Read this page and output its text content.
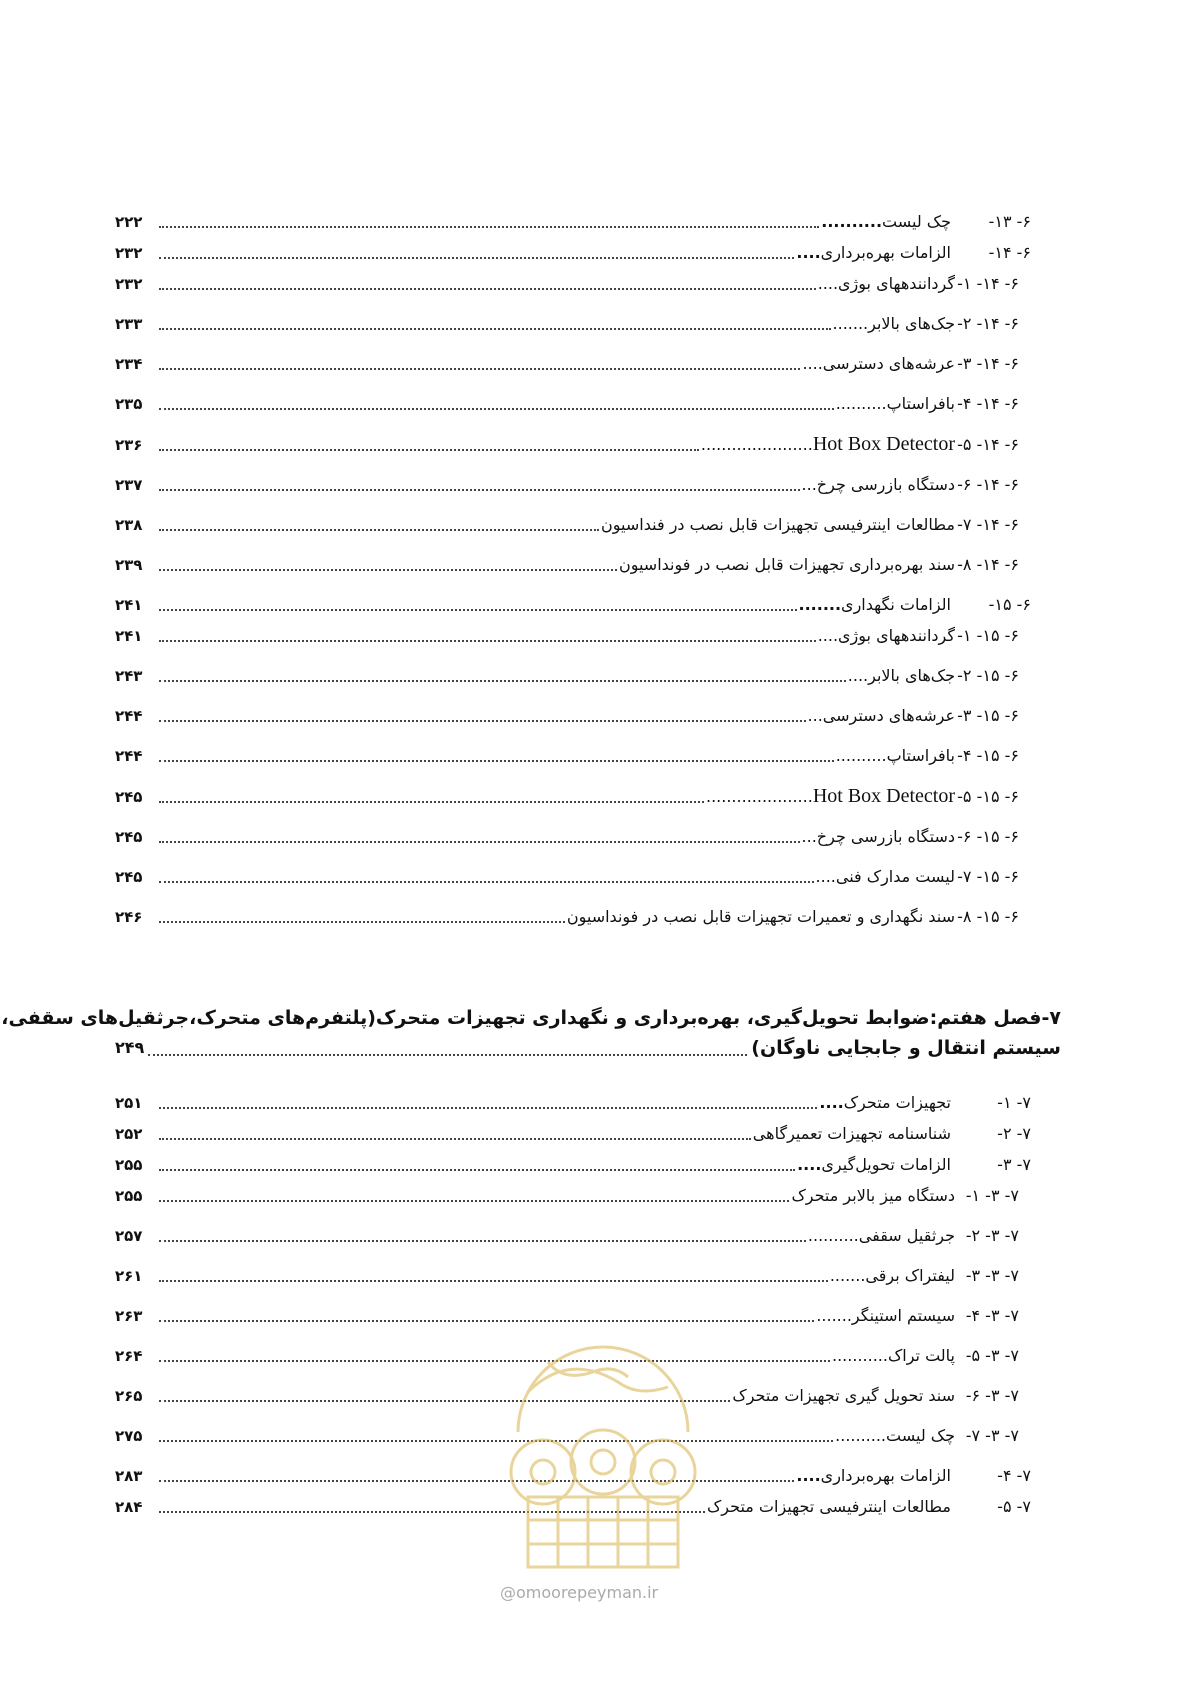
۶- ۱۳-چک لیست..........
۲۲۲
۶- ۱۴-الزامات بهره‌برداری....
۲۳۲
۶- ۱۴- ۱-گردانندههای بوژی....
۲۳۲
۶- ۱۴- ۲-جک‌های بالابر.......
۲۳۳
۶- ۱۴- ۳-عرشه‌های دسترسی....
۲۳۴
۶- ۱۴- ۴-بافراستاپ..........
۲۳۵
۶- ۱۴- ۵-Hot Box Detector......................
۲۳۶
۶- ۱۴- ۶-دستگاه بازرسی چرخ...
۲۳۷
۶- ۱۴- ۷-مطالعات اینترفیسی تجهیزات قابل نصب در فنداسیون
۲۳۸
۶- ۱۴- ۸-سند بهره‌برداری تجهیزات قابل نصب در فونداسیون
۲۳۹
۶- ۱۵-الزامات نگهداری.......
۲۴۱
۶- ۱۵- ۱-گردانندههای بوژی....
۲۴۱
۶- ۱۵- ۲-جک‌های بالابر....
۲۴۳
۶- ۱۵- ۳-عرشه‌های دسترسی...
۲۴۴
۶- ۱۵- ۴-بافراستاپ..........
۲۴۴
۶- ۱۵- ۵-Hot Box Detector.....................
۲۴۵
۶- ۱۵- ۶-دستگاه بازرسی چرخ...
۲۴۵
۶- ۱۵- ۷-لیست مدارک فنی....
۲۴۵
۶- ۱۵- ۸-سند نگهداری و تعمیرات تجهیزات قابل نصب در فونداسیون
۲۴۶
۷-فصل هفتم:ضوابط تحویل‌گیری، بهره‌برداری و نگهداری تجهیزات متحرک(پلتفرم‌های متحرک،جرثقیل‌های سقفی،
سیستم انتقال و جابجایی ناوگان)
۲۴۹
۷- ۱-تجهیزات متحرک....
۲۵۱
۷- ۲-شناسنامه تجهیزات تعمیرگاهی
۲۵۲
۷- ۳-الزامات تحویل‌گیری....
۲۵۵
۷- ۳- ۱-دستگاه میز بالابر متحرک
۲۵۵
۷- ۳- ۲-جرثقیل سقفی..........
۲۵۷
۷- ۳- ۳-لیفتراک برقی.......
۲۶۱
۷- ۳- ۴-سیستم استینگر.......
۲۶۳
۷- ۳- ۵-پالت تراک...........
۲۶۴
۷- ۳- ۶-سند تحویل گیری تجهیزات متحرک
۲۶۵
۷- ۳- ۷-چک لیست..........
۲۷۵
۷- ۴-الزامات بهره‌برداری....
۲۸۳
۷- ۵-مطالعات اینترفیسی تجهیزات متحرک
۲۸۴
@omoorepeyman.ir
